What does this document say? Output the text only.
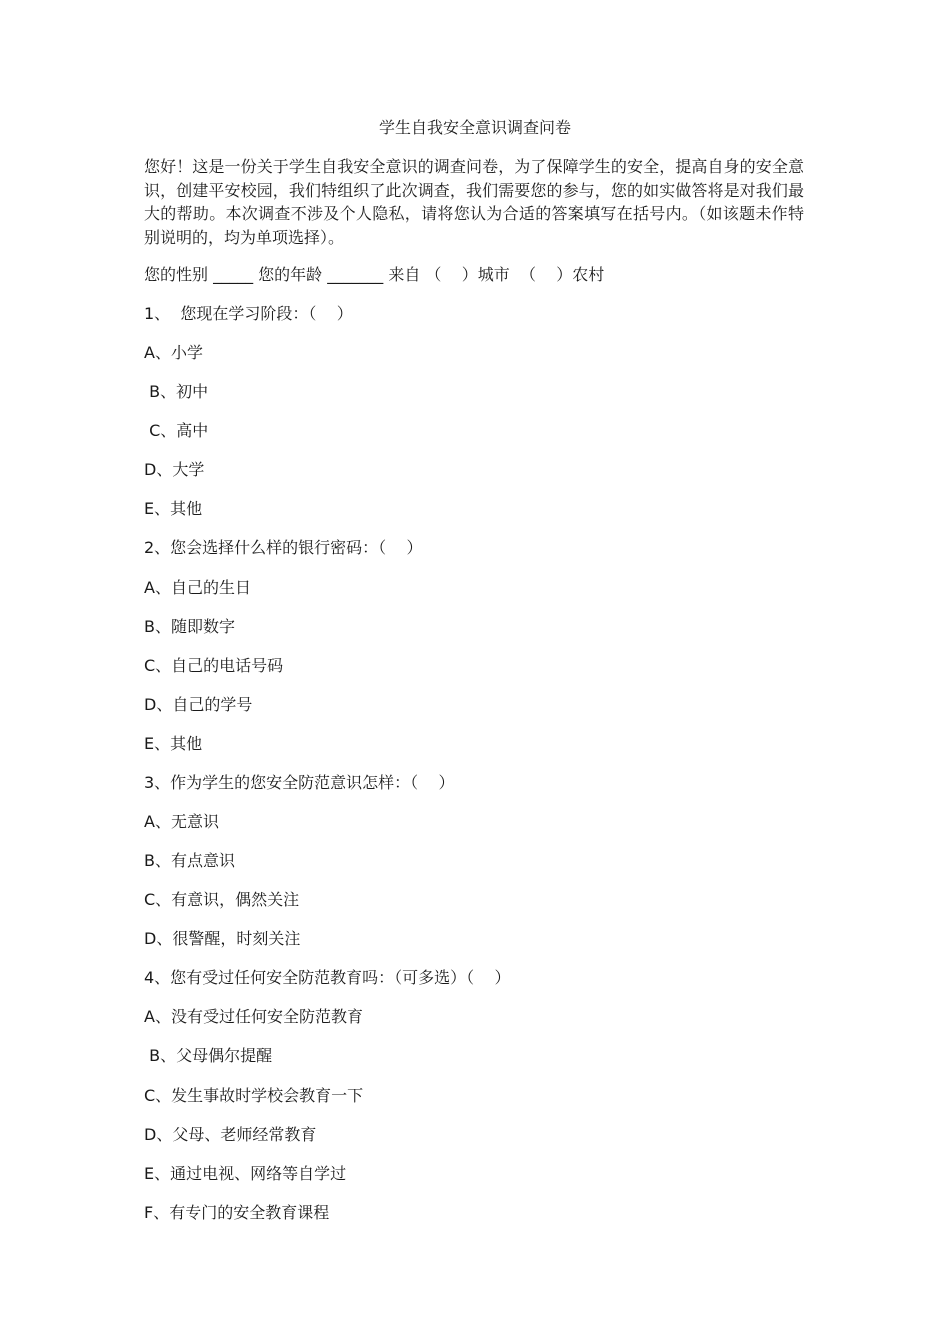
学生自我安全意识调查问卷
您好！这是一份关于学生自我安全意识的调查问卷，为了保障学生的安全，提高自身的安全意识，创建平安校园，我们特组织了此次调查，我们需要您的参与，您的如实做答将是对我们最大的帮助。本次调查不涉及个人隐私，请将您认为合适的答案填写在括号内。（如该题未作特别说明的，均为单项选择）。
您的性别 _____ 您的年龄 _______ 来自 （    ）城市  （    ）农村
1、  您现在学习阶段：（    ）
A、小学
B、初中
C、高中
D、大学
E、其他
2、您会选择什么样的银行密码：（    ）
A、自己的生日
B、随即数字
C、自己的电话号码
D、自己的学号
E、其他
3、作为学生的您安全防范意识怎样：（    ）
A、无意识
B、有点意识
C、有意识，偶然关注
D、很警醒，时刻关注
4、您有受过任何安全防范教育吗：（可多选）（    ）
A、没有受过任何安全防范教育
B、父母偶尔提醒
C、发生事故时学校会教育一下
D、父母、老师经常教育
E、通过电视、网络等自学过
F、有专门的安全教育课程
